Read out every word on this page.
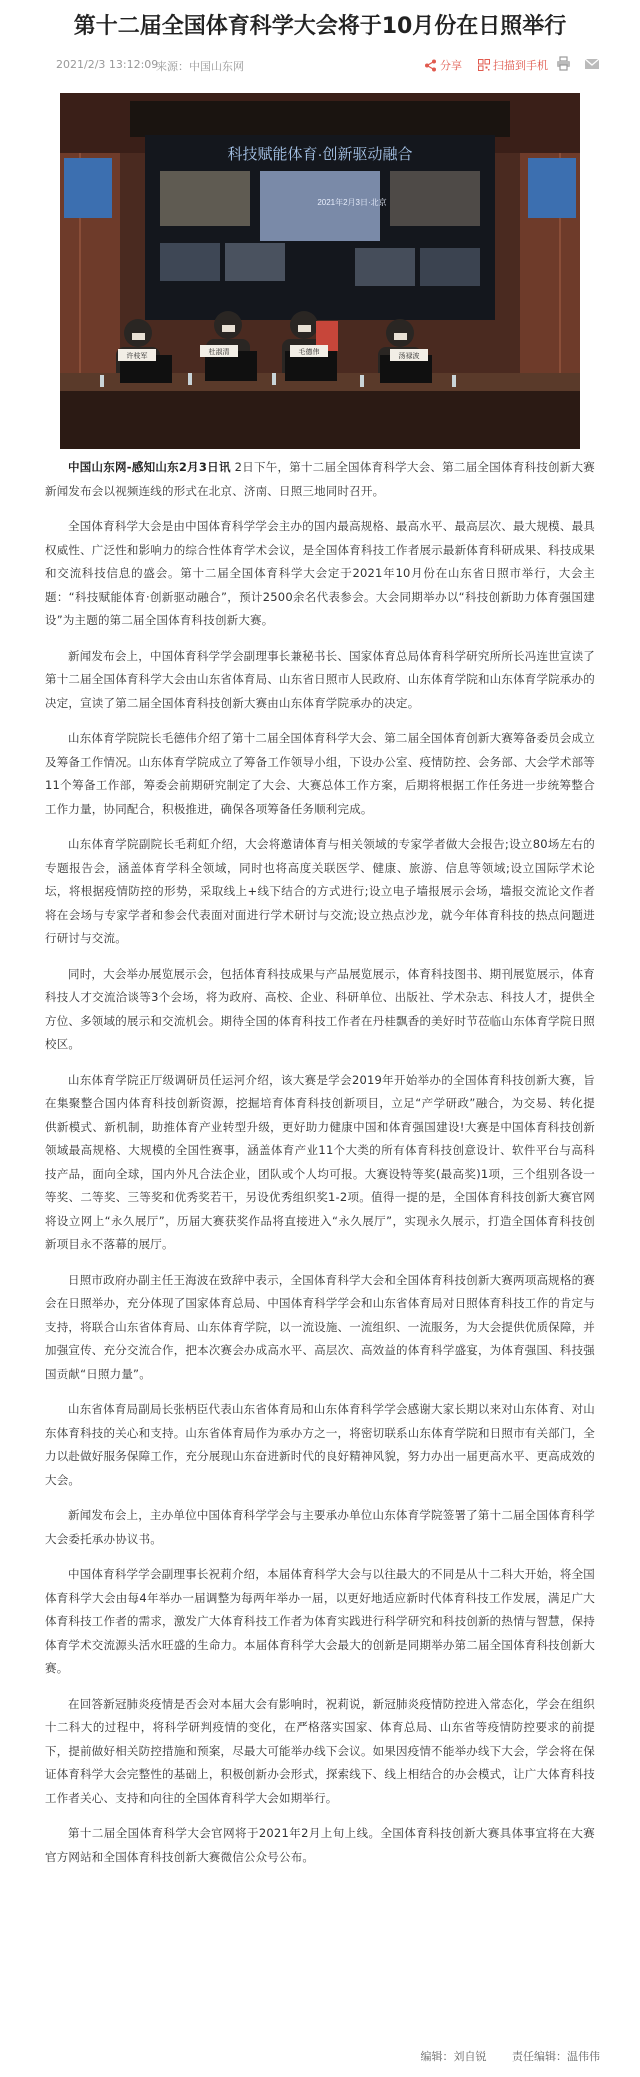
第十二届全国体育科学大会将于10月份在日照举行
2021/2/3 13:12:09
来源：中国山东网	分享	扫描到手机
科技赋能体育·创新驱动融合
2021年2月3日·北京
许枝军
杜淑清	毛德伟
汤禄波

中国山东网-感知山东2月3日讯 2日下午，第十二届全国体育科学大会、第二届全国体育科技创新大赛新闻发布会以视频连线的形式在北京、济南、日照三地同时召开。

全国体育科学大会是由中国体育科学学会主办的国内最高规格、最高水平、最高层次、最大规模、最具权威性、广泛性和影响力的综合性体育学术会议，是全国体育科技工作者展示最新体育科研成果、科技成果和交流科技信息的盛会。第十二届全国体育科学大会定于2021年10月份在山东省日照市举行，大会主题：“科技赋能体育·创新驱动融合”，预计2500余名代表参会。大会同期举办以“科技创新助力体育强国建设”为主题的第二届全国体育科技创新大赛。

新闻发布会上，中国体育科学学会副理事长兼秘书长、国家体育总局体育科学研究所所长冯连世宣读了第十二届全国体育科学大会由山东省体育局、山东省日照市人民政府、山东体育学院和山东体育学院承办的决定，宣读了第二届全国体育科技创新大赛由山东体育学院承办的决定。

山东体育学院院长毛德伟介绍了第十二届全国体育科学大会、第二届全国体育创新大赛筹备委员会成立及筹备工作情况。山东体育学院成立了筹备工作领导小组，下设办公室、疫情防控、会务部、大会学术部等11个筹备工作部，筹委会前期研究制定了大会、大赛总体工作方案，后期将根据工作任务进一步统筹整合工作力量，协同配合，积极推进，确保各项筹备任务顺利完成。

山东体育学院副院长毛莉虹介绍，大会将邀请体育与相关领域的专家学者做大会报告;设立80场左右的专题报告会，涵盖体育学科全领域，同时也将高度关联医学、健康、旅游、信息等领域;设立国际学术论坛，将根据疫情防控的形势，采取线上+线下结合的方式进行;设立电子墙报展示会场，墙报交流论文作者将在会场与专家学者和参会代表面对面进行学术研讨与交流;设立热点沙龙，就今年体育科技的热点问题进行研讨与交流。

同时，大会举办展览展示会，包括体育科技成果与产品展览展示，体育科技图书、期刊展览展示，体育科技人才交流洽谈等3个会场，将为政府、高校、企业、科研单位、出版社、学术杂志、科技人才，提供全方位、多领域的展示和交流机会。期待全国的体育科技工作者在丹桂飘香的美好时节莅临山东体育学院日照校区。

山东体育学院正厅级调研员任运河介绍，该大赛是学会2019年开始举办的全国体育科技创新大赛，旨在集聚整合国内体育科技创新资源，挖掘培育体育科技创新项目，立足“产学研政”融合，为交易、转化提供新模式、新机制，助推体育产业转型升级，更好助力健康中国和体育强国建设!大赛是中国体育科技创新领域最高规格、大规模的全国性赛事，涵盖体育产业11个大类的所有体育科技创意设计、软件平台与高科技产品，面向全球，国内外凡合法企业，团队或个人均可报。大赛设特等奖(最高奖)1项，三个组别各设一等奖、二等奖、三等奖和优秀奖若干，另设优秀组织奖1-2项。值得一提的是，全国体育科技创新大赛官网将设立网上“永久展厅”，历届大赛获奖作品将直接进入“永久展厅”，实现永久展示，打造全国体育科技创新项目永不落幕的展厅。

日照市政府办副主任王海波在致辞中表示，全国体育科学大会和全国体育科技创新大赛两项高规格的赛会在日照举办，充分体现了国家体育总局、中国体育科学学会和山东省体育局对日照体育科技工作的肯定与支持，将联合山东省体育局、山东体育学院，以一流设施、一流组织、一流服务，为大会提供优质保障，并加强宣传、充分交流合作，把本次赛会办成高水平、高层次、高效益的体育科学盛宴，为体育强国、科技强国贡献“日照力量”。

山东省体育局副局长张柄臣代表山东省体育局和山东体育科学学会感谢大家长期以来对山东体育、对山东体育科技的关心和支持。山东省体育局作为承办方之一，将密切联系山东体育学院和日照市有关部门，全力以赴做好服务保障工作，充分展现山东奋进新时代的良好精神风貌，努力办出一届更高水平、更高成效的大会。

新闻发布会上，主办单位中国体育科学学会与主要承办单位山东体育学院签署了第十二届全国体育科学大会委托承办协议书。

中国体育科学学会副理事长祝莉介绍，本届体育科学大会与以往最大的不同是从十二科大开始，将全国体育科学大会由每4年举办一届调整为每两年举办一届，以更好地适应新时代体育科技工作发展，满足广大体育科技工作者的需求，激发广大体育科技工作者为体育实践进行科学研究和科技创新的热情与智慧，保持体育学术交流源头活水旺盛的生命力。本届体育科学大会最大的创新是同期举办第二届全国体育科技创新大赛。

在回答新冠肺炎疫情是否会对本届大会有影响时，祝莉说，新冠肺炎疫情防控进入常态化，学会在组织十二科大的过程中，将科学研判疫情的变化，在严格落实国家、体育总局、山东省等疫情防控要求的前提下，提前做好相关防控措施和预案，尽最大可能举办线下会议。如果因疫情不能举办线下大会，学会将在保证体育科学大会完整性的基础上，积极创新办会形式，探索线下、线上相结合的办会模式，让广大体育科技工作者关心、支持和向往的全国体育科学大会如期举行。

第十二届全国体育科学大会官网将于2021年2月上旬上线。全国体育科技创新大赛具体事宜将在大赛官方网站和全国体育科技创新大赛微信公众号公布。

编辑：刘自锐 责任编辑：温伟伟
